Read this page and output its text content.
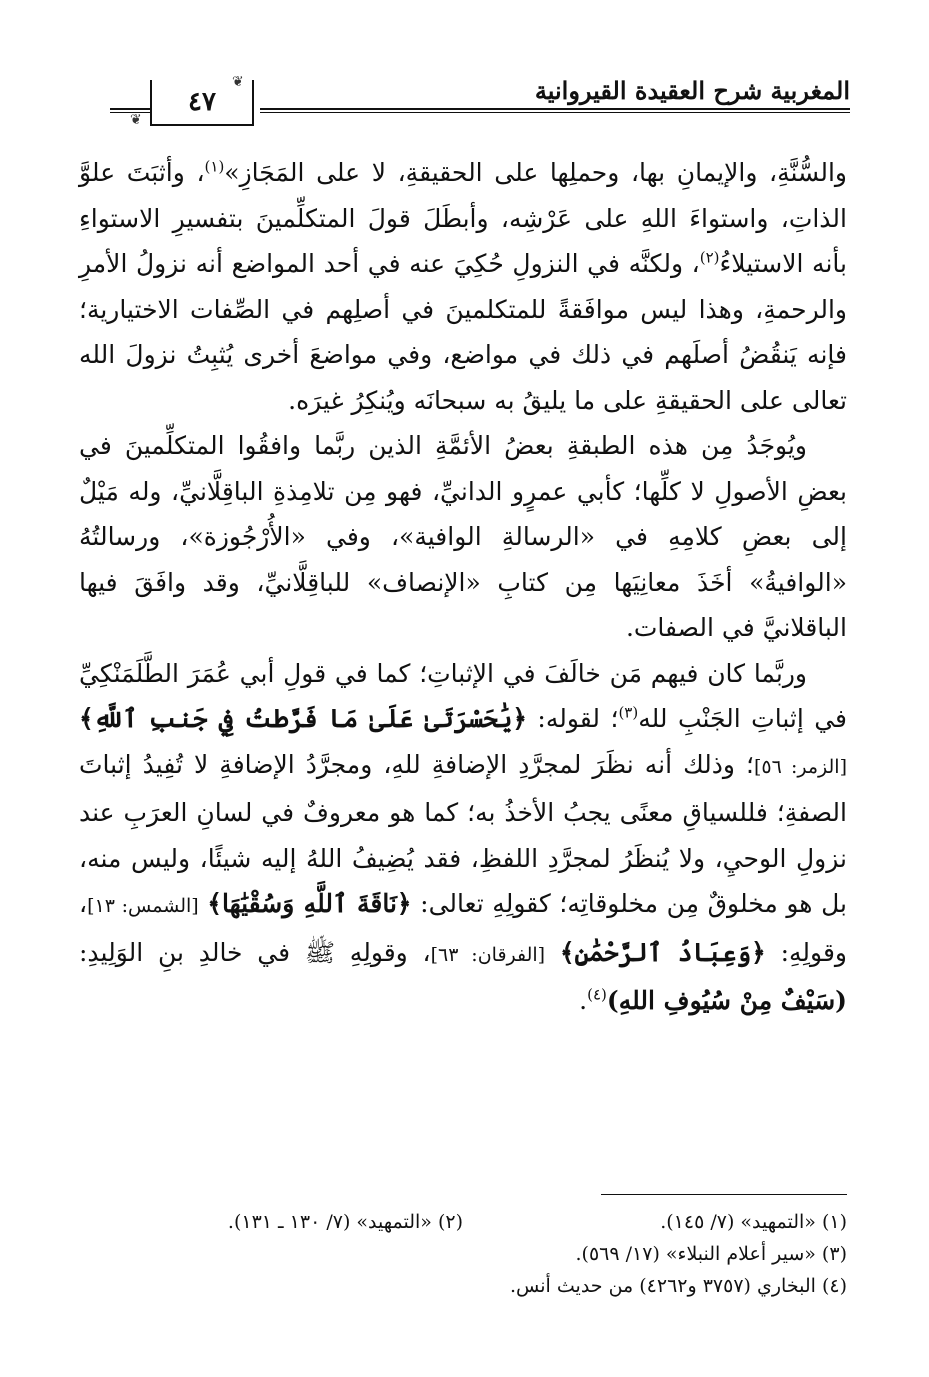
المغربية شرح العقيدة القيروانية
❦
❦
٤٧

والسُّنَّةِ، والإيمانِ بها، وحملِها على الحقيقةِ، لا على المَجَازِ»$^{(١)}$، وأثبَتَ علوَّ الذاتِ، واستواءَ اللهِ على عَرْشِه، وأبطَلَ قولَ المتكلِّمينَ بتفسيرِ الاستواءِ بأنه الاستيلاءُ$^{(٢)}$، ولكنَّه في النزولِ حُكِيَ عنه في أحد المواضع أنه نزولُ الأمرِ والرحمةِ، وهذا ليس موافَقةً للمتكلمينَ في أصلِهم في الصِّفات الاختيارية؛ فإنه يَنقُضُ أصلَهم في ذلك في مواضع، وفي مواضعَ أخرى يُثبِتُ نزولَ الله تعالى على الحقيقةِ على ما يليقُ به سبحانَه ويُنكِرُ غيرَه.

ويُوجَدُ مِن هذه الطبقةِ بعضُ الأئمَّةِ الذين ربَّما وافقُوا المتكلِّمينَ في بعضِ الأصولِ لا كلِّها؛ كأبي عمرٍو الدانيِّ، فهو مِن تلامِذةِ الباقِلَّانيِّ، وله مَيْلٌ إلى بعضِ كلامِهِ في «الرسالةِ الوافية»، وفي «الأُرْجُوزة»، ورسالتُهُ «الوافيةُ» أخَذَ معانِيَها مِن كتابِ «الإنصاف» للباقِلَّانيِّ، وقد وافَقَ فيها الباقلانيَّ في الصفات.

وربَّما كان فيهم مَن خالَفَ في الإثباتِ؛ كما في قولِ أبي عُمَرَ الطَّلَمَنْكِيِّ في إثباتِ الجَنْبِ لله$^{(٣)}$؛ لقوله: ﴿يَٰحَسْرَتَىٰ عَلَىٰ مَا فَرَّطتُ فِي جَنبِ ٱللَّهِ﴾ [الزمر: ٥٦]؛ وذلك أنه نظَرَ لمجرَّدِ الإضافةِ للهِ، ومجرَّدُ الإضافةِ لا تُفِيدُ إثباتَ الصفةِ؛ فللسياقِ معنًى يجبُ الأخذُ به؛ كما هو معروفٌ في لسانِ العرَبِ عند نزولِ الوحيِ، ولا يُنظَرُ لمجرَّدِ اللفظِ، فقد يُضِيفُ اللهُ إليه شيئًا، وليس منه، بل هو مخلوقٌ مِن مخلوقاتِه؛ كقولِهِ تعالى: ﴿نَاقَةَ ٱللَّهِ وَسُقْيَٰهَا﴾ [الشمس: ١٣]، وقولِهِ: ﴿وَعِبَادُ ٱلرَّحْمَٰنِ﴾ [الفرقان: ٦٣]، وقولِهِ ﷺ في خالدِ بنِ الوَلِيدِ: (سَيْفٌ مِنْ سُيُوفِ اللهِ)$^{(٤)}$.

(١) «التمهيد» (٧/ ١٤٥).
(٢) «التمهيد» (٧/ ١٣٠ ـ ١٣١).
(٣) «سير أعلام النبلاء» (١٧/ ٥٦٩).
(٤) البخاري (٣٧٥٧ و٤٢٦٢) من حديث أنس.
